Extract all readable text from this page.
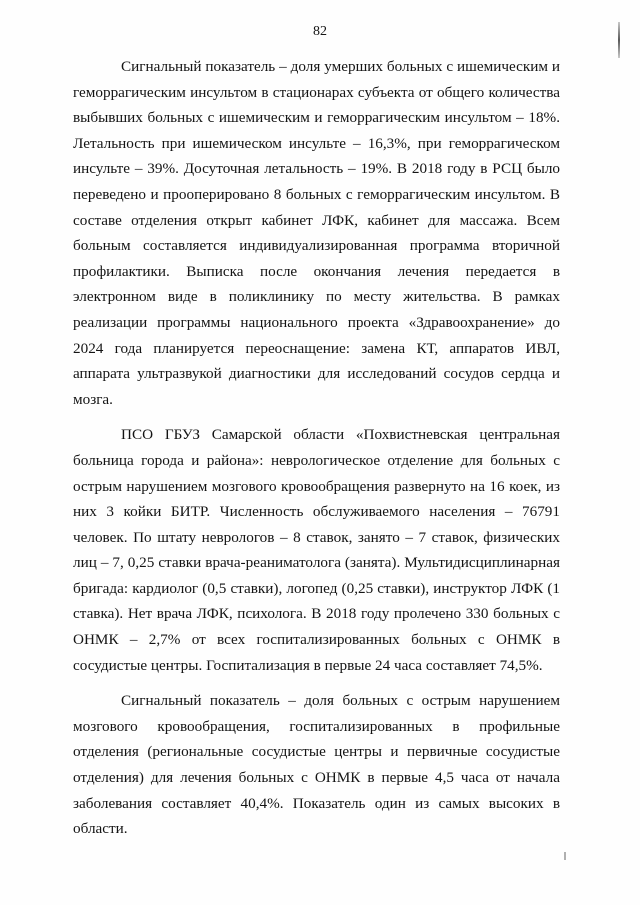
82

Сигнальный показатель – доля умерших больных с ишемическим и геморрагическим инсультом в стационарах субъекта от общего количества выбывших больных с ишемическим и геморрагическим инсультом – 18%. Летальность при ишемическом инсульте – 16,3%, при геморрагическом инсульте – 39%. Досуточная летальность – 19%. В 2018 году в РСЦ было переведено и прооперировано 8 больных с геморрагическим инсультом. В составе отделения открыт кабинет ЛФК, кабинет для массажа. Всем больным составляется индивидуализированная программа вторичной профилактики. Выписка после окончания лечения передается в электронном виде в поликлинику по месту жительства. В рамках реализации программы национального проекта «Здравоохранение» до 2024 года планируется переоснащение: замена КТ, аппаратов ИВЛ, аппарата ультразвукой диагностики для исследований сосудов сердца и мозга.

ПСО ГБУЗ Самарской области «Похвистневская центральная больница города и района»: неврологическое отделение для больных с острым нарушением мозгового кровообращения развернуто на 16 коек, из них 3 койки БИТР. Численность обслуживаемого населения – 76791 человек. По штату неврологов – 8 ставок, занято – 7 ставок, физических лиц – 7, 0,25 ставки врача-реаниматолога (занята). Мультидисциплинарная бригада: кардиолог (0,5 ставки), логопед (0,25 ставки), инструктор ЛФК (1 ставка). Нет врача ЛФК, психолога. В 2018 году пролечено 330 больных с ОНМК – 2,7% от всех госпитализированных больных с ОНМК в сосудистые центры. Госпитализация в первые 24 часа составляет 74,5%.

Сигнальный показатель – доля больных с острым нарушением мозгового кровообращения, госпитализированных в профильные отделения (региональные сосудистые центры и первичные сосудистые отделения) для лечения больных с ОНМК в первые 4,5 часа от начала заболевания составляет 40,4%. Показатель один из самых высоких в области.
